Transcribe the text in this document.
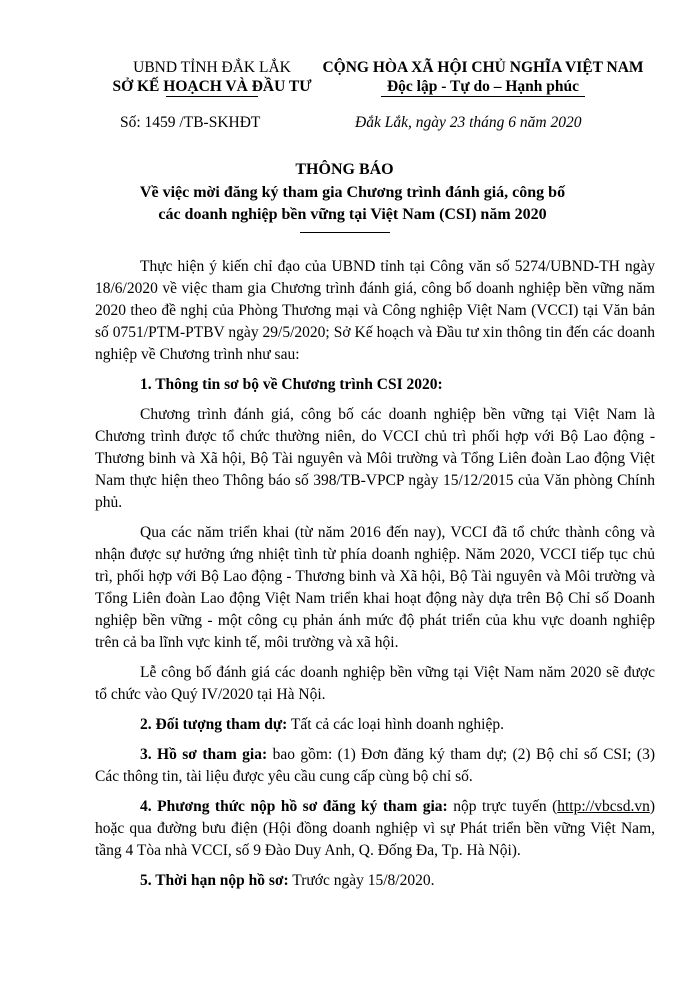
UBND TỈNH ĐẮK LẮK
SỞ KẾ HOẠCH VÀ ĐẦU TƯ
CỘNG HÒA XÃ HỘI CHỦ NGHĨA VIỆT NAM
Độc lập - Tự do – Hạnh phúc
Số: 1459 /TB-SKHĐT	Đắk Lắk, ngày 23 tháng 6 năm 2020
THÔNG BÁO
Về việc mời đăng ký tham gia Chương trình đánh giá, công bố
các doanh nghiệp bền vững tại Việt Nam (CSI) năm 2020

Thực hiện ý kiến chỉ đạo của UBND tỉnh tại Công văn số 5274/UBND-TH ngày 18/6/2020 về việc tham gia Chương trình đánh giá, công bố doanh nghiệp bền vững năm 2020 theo đề nghị của Phòng Thương mại và Công nghiệp Việt Nam (VCCI) tại Văn bản số 0751/PTM-PTBV ngày 29/5/2020; Sở Kế hoạch và Đầu tư xin thông tin đến các doanh nghiệp về Chương trình như sau:

1. Thông tin sơ bộ về Chương trình CSI 2020:

Chương trình đánh giá, công bố các doanh nghiệp bền vững tại Việt Nam là Chương trình được tổ chức thường niên, do VCCI chủ trì phối hợp với Bộ Lao động - Thương binh và Xã hội, Bộ Tài nguyên và Môi trường và Tổng Liên đoàn Lao động Việt Nam thực hiện theo Thông báo số 398/TB-VPCP ngày 15/12/2015 của Văn phòng Chính phủ.

Qua các năm triển khai (từ năm 2016 đến nay), VCCI đã tổ chức thành công và nhận được sự hưởng ứng nhiệt tình từ phía doanh nghiệp. Năm 2020, VCCI tiếp tục chủ trì, phối hợp với Bộ Lao động - Thương binh và Xã hội, Bộ Tài nguyên và Môi trường và Tổng Liên đoàn Lao động Việt Nam triển khai hoạt động này dựa trên Bộ Chỉ số Doanh nghiệp bền vững - một công cụ phản ánh mức độ phát triển của khu vực doanh nghiệp trên cả ba lĩnh vực kinh tế, môi trường và xã hội.

Lễ công bố đánh giá các doanh nghiệp bền vững tại Việt Nam năm 2020 sẽ được tổ chức vào Quý IV/2020 tại Hà Nội.

2. Đối tượng tham dự: Tất cả các loại hình doanh nghiệp.

3. Hồ sơ tham gia: bao gồm: (1) Đơn đăng ký tham dự; (2) Bộ chỉ số CSI; (3) Các thông tin, tài liệu được yêu cầu cung cấp cùng bộ chỉ số.

4. Phương thức nộp hồ sơ đăng ký tham gia: nộp trực tuyến (http://vbcsd.vn) hoặc qua đường bưu điện (Hội đồng doanh nghiệp vì sự Phát triển bền vững Việt Nam, tầng 4 Tòa nhà VCCI, số 9 Đào Duy Anh, Q. Đống Đa, Tp. Hà Nội).

5. Thời hạn nộp hồ sơ: Trước ngày 15/8/2020.
